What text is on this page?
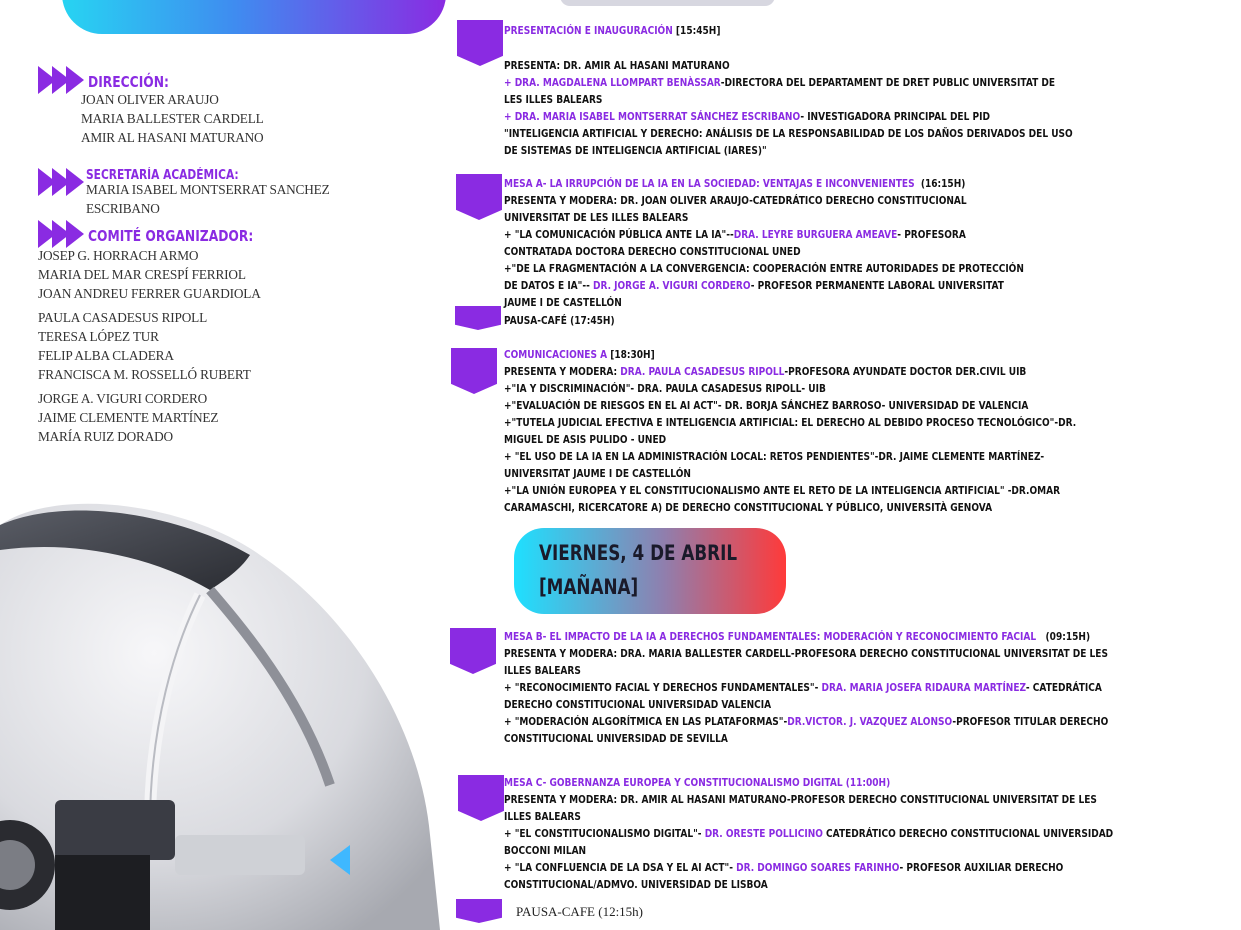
DIRECCIÓN:
JOAN OLIVER ARAUJO
MARIA BALLESTER CARDELL
AMIR AL HASANI MATURANO
SECRETARÍA ACADÉMICA:
MARIA ISABEL MONTSERRAT SANCHEZ
ESCRIBANO
COMITÉ ORGANIZADOR:
JOSEP G. HORRACH ARMO
MARIA DEL MAR CRESPÍ FERRIOL
JOAN ANDREU FERRER GUARDIOLA
PAULA CASADESUS RIPOLL
TERESA LÓPEZ TUR
FELIP ALBA CLADERA
FRANCISCA M. ROSSELLÓ RUBERT
JORGE A. VIGURI CORDERO
JAIME CLEMENTE MARTÍNEZ
MARÍA RUIZ DORADO
PRESENTACIÓN E INAUGURACIÓN [15:45H]
PRESENTA: DR. AMIR AL HASANI MATURANO
+ DRA. MAGDALENA LLOMPART BENÀSSAR-DIRECTORA DEL DEPARTAMENT DE DRET PUBLIC UNIVERSITAT DE
LES ILLES BALEARS
+ DRA. MARIA ISABEL MONTSERRAT SÁNCHEZ ESCRIBANO- INVESTIGADORA PRINCIPAL DEL PID
"INTELIGENCIA ARTIFICIAL Y DERECHO: ANÁLISIS DE LA RESPONSABILIDAD DE LOS DAÑOS DERIVADOS DEL USO
DE SISTEMAS DE INTELIGENCIA ARTIFICIAL (IARES)"
MESA A- LA IRRUPCIÓN DE LA IA EN LA SOCIEDAD: VENTAJAS E INCONVENIENTES (16:15H)
PRESENTA Y MODERA: DR. JOAN OLIVER ARAUJO-CATEDRÁTICO DERECHO CONSTITUCIONAL
UNIVERSITAT DE LES ILLES BALEARS
+ "LA COMUNICACIÓN PÚBLICA ANTE LA IA"--DRA. LEYRE BURGUERA AMEAVE- PROFESORA
CONTRATADA DOCTORA DERECHO CONSTITUCIONAL UNED
+"DE LA FRAGMENTACIÓN A LA CONVERGENCIA: COOPERACIÓN ENTRE AUTORIDADES DE PROTECCIÓN
DE DATOS E IA"-- DR. JORGE A. VIGURI CORDERO- PROFESOR PERMANENTE LABORAL UNIVERSITAT
JAUME I DE CASTELLÓN
PAUSA-CAFÉ (17:45H)
COMUNICACIONES A [18:30H]
PRESENTA Y MODERA: DRA. PAULA CASADESUS RIPOLL-PROFESORA AYUNDATE DOCTOR DER.CIVIL UIB
+"IA Y DISCRIMINACIÓN"- DRA. PAULA CASADESUS RIPOLL- UIB
+"EVALUACIÓN DE RIESGOS EN EL AI ACT"- DR. BORJA SÁNCHEZ BARROSO- UNIVERSIDAD DE VALENCIA
+"TUTELA JUDICIAL EFECTIVA E INTELIGENCIA ARTIFICIAL: EL DERECHO AL DEBIDO PROCESO TECNOLÓGICO"-DR.
MIGUEL DE ASIS PULIDO - UNED
+ "EL USO DE LA IA EN LA ADMINISTRACIÓN LOCAL: RETOS PENDIENTES"-DR. JAIME CLEMENTE MARTÍNEZ-
UNIVERSITAT JAUME I DE CASTELLÓN
+"LA UNIÓN EUROPEA Y EL CONSTITUCIONALISMO ANTE EL RETO DE LA INTELIGENCIA ARTIFICIAL" -DR.OMAR
CARAMASCHI, RICERCATORE A) DE DERECHO CONSTITUCIONAL Y PÚBLICO, UNIVERSITÀ GENOVA
VIERNES, 4 DE ABRIL
[MAÑANA]
MESA B- EL IMPACTO DE LA IA A DERECHOS FUNDAMENTALES: MODERACIÓN Y RECONOCIMIENTO FACIAL (09:15H)
PRESENTA Y MODERA: DRA. MARIA BALLESTER CARDELL-PROFESORA DERECHO CONSTITUCIONAL UNIVERSITAT DE LES
ILLES BALEARS
+ "RECONOCIMIENTO FACIAL Y DERECHOS FUNDAMENTALES"- DRA. MARIA JOSEFA RIDAURA MARTÍNEZ- CATEDRÁTICA
DERECHO CONSTITUCIONAL UNIVERSIDAD VALENCIA
+ "MODERACIÓN ALGORÍTMICA EN LAS PLATAFORMAS"-DR.VICTOR. J. VAZQUEZ ALONSO-PROFESOR TITULAR DERECHO
CONSTITUCIONAL UNIVERSIDAD DE SEVILLA
MESA C- GOBERNANZA EUROPEA Y CONSTITUCIONALISMO DIGITAL (11:00H)
PRESENTA Y MODERA: DR. AMIR AL HASANI MATURANO-PROFESOR DERECHO CONSTITUCIONAL UNIVERSITAT DE LES
ILLES BALEARS
+ "EL CONSTITUCIONALISMO DIGITAL"- DR. ORESTE POLLICINO CATEDRÁTICO DERECHO CONSTITUCIONAL UNIVERSIDAD
BOCCONI MILAN
+ "LA CONFLUENCIA DE LA DSA Y EL AI ACT"- DR. DOMINGO SOARES FARINHO- PROFESOR AUXILIAR DERECHO
CONSTITUCIONAL/ADMVO. UNIVERSIDAD DE LISBOA
PAUSA-CAFE (12:15h)
